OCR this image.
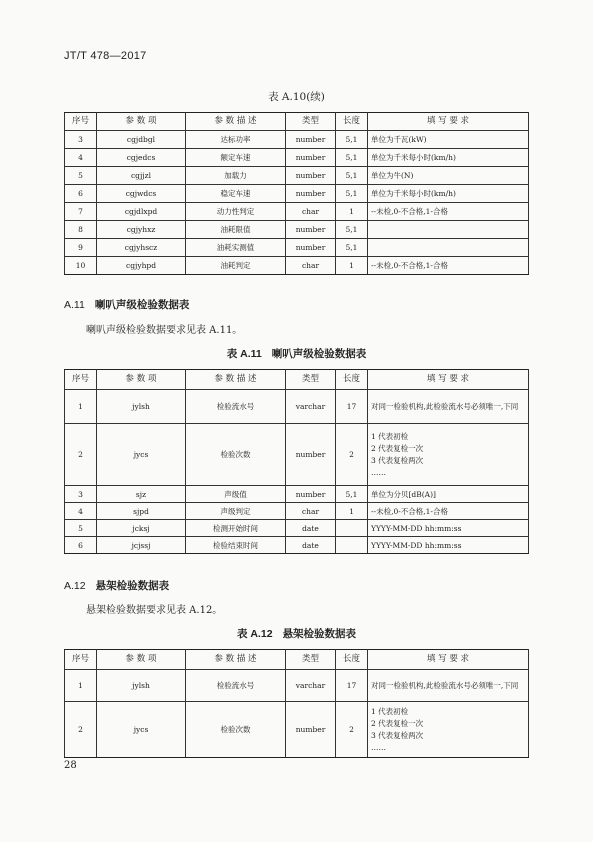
JT/T 478—2017
表 A.10(续)
序号	参 数 项	参 数 描 述	类型	长度	填 写 要 求
3	cgjdbgl	达标功率	number	5,1	单位为千瓦(kW)
4	cgjedcs	额定车速	number	5,1	单位为千米每小时(km/h)
5	cgjjzl	加载力	number	5,1	单位为牛(N)
6	cgjwdcs	稳定车速	number	5,1	单位为千米每小时(km/h)
7	cgjdlxpd	动力性判定	char	1	--未检,0-不合格,1-合格
8	cgjyhxz	油耗限值	number	5,1	
9	cgjyhscz	油耗实测值	number	5,1	
10	cgjyhpd	油耗判定	char	1	--未检,0-不合格,1-合格
A.11 喇叭声级检验数据表
喇叭声级检验数据要求见表 A.11。
表 A.11 喇叭声级检验数据表
序号	参 数 项	参 数 描 述	类型	长度	填 写 要 求
1	jylsh	检验流水号	varchar	17	对同一检验机构,此检验流水号必须唯一,下同
2	jycs	检验次数	number	2	1 代表初检
2 代表复检一次
3 代表复检两次
……

3	sjz	声级值	number	5,1	单位为分贝[dB(A)]
4	sjpd	声级判定	char	1	--未检,0-不合格,1-合格
5	jcksj	检测开始时间	date		YYYY-MM-DD hh:mm:ss
6	jcjssj	检验结束时间	date		YYYY-MM-DD hh:mm:ss
A.12 悬架检验数据表
悬架检验数据要求见表 A.12。
表 A.12 悬架检验数据表
序号	参 数 项	参 数 描 述	类型	长度	填 写 要 求
1	jylsh	检验流水号	varchar	17	对同一检验机构,此检验流水号必须唯一,下同
2	jycs	检验次数	number	2	1 代表初检
2 代表复检一次
3 代表复检两次
……
28
